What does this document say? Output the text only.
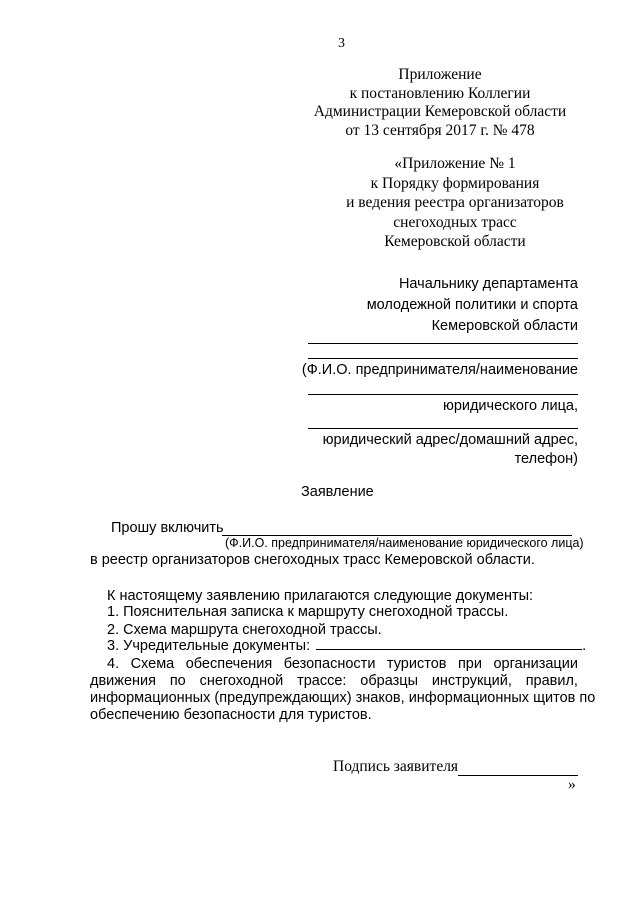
3
Приложение
к постановлению Коллегии
Администрации Кемеровской области
от 13 сентября 2017 г. № 478
«Приложение № 1
к Порядку формирования
и ведения реестра организаторов
снегоходных трасс
Кемеровской области
Начальнику департамента
молодежной политики и спорта
Кемеровской области
(Ф.И.О. предпринимателя/наименование
юридического лица,
юридический адрес/домашний адрес,
телефон)
Заявление
Прошу включить
(Ф.И.О. предпринимателя/наименование юридического лица)
в реестр организаторов снегоходных трасс Кемеровской области.
К настоящему заявлению прилагаются следующие документы:
1. Пояснительная записка к маршруту снегоходной трассы.
2. Схема маршрута снегоходной трассы.
3. Учредительные документы:	.
4. Схема обеспечения безопасности туристов при организации
движения по снегоходной трассе: образцы инструкций, правил,
информационных (предупреждающих) знаков, информационных щитов по
обеспечению безопасности для туристов.
Подпись заявителя
»
